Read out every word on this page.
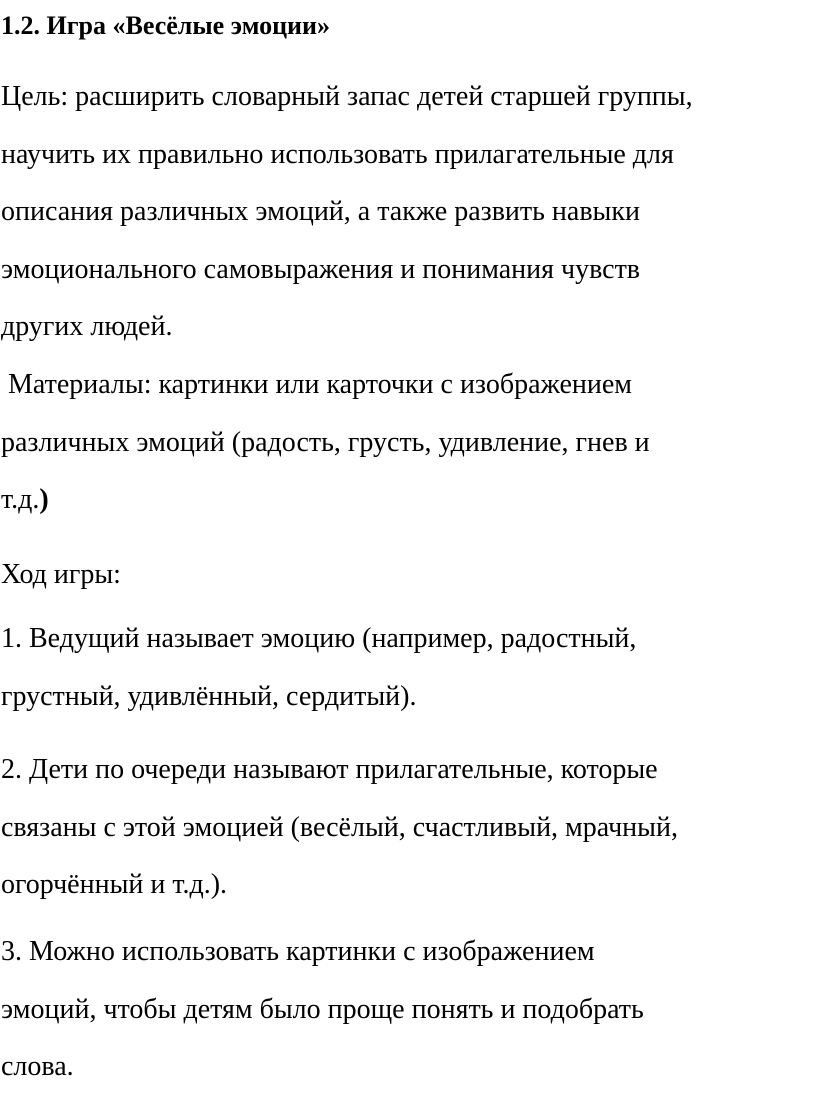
1.2. Игра «Весёлые эмоции»

Цель: расширить словарный запас детей старшей группы,
научить их правильно использовать прилагательные для
описания различных эмоций, а также развить навыки
эмоционального самовыражения и понимания чувств
других людей.

Материалы: картинки или карточки с изображением
различных эмоций (радость, грусть, удивление, гнев и
т.д.)

Ход игры:

1. Ведущий называет эмоцию (например, радостный,
грустный, удивлённый, сердитый).

2. Дети по очереди называют прилагательные, которые
связаны с этой эмоцией (весёлый, счастливый, мрачный,
огорчённый и т.д.).

3. Можно использовать картинки с изображением
эмоций, чтобы детям было проще понять и подобрать
слова.
